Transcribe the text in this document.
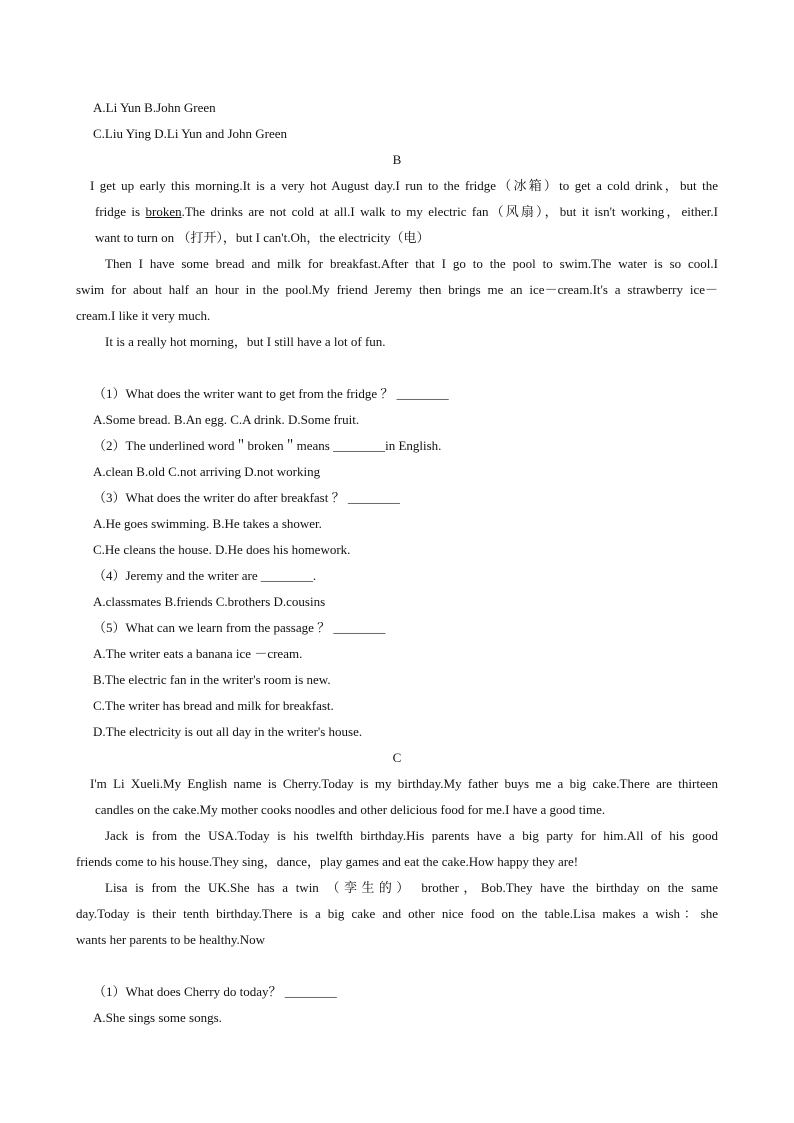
A.Li Yun B.John Green
C.Liu Ying D.Li Yun and John Green
B
I get up early this morning.It is a very hot August day.I run to the fridge（冰箱）to get a cold drink，but the
fridge is broken.The drinks are not cold at all.I walk to my electric fan（风扇），but it isn't working，either.I
want to turn on （打开），but I can't.Oh，the electricity（电）
Then I have some bread and milk for breakfast.After that I go to the pool to swim.The water is so cool.I
swim for about half an hour in the pool.My friend Jeremy then brings me an ice－cream.It's a strawberry ice－
cream.I like it very much.
It is a really hot morning，but I still have a lot of fun.
（1）What does the writer want to get from the fridge ？ ________
A.Some bread. B.An egg. C.A drink. D.Some fruit.
（2）The underlined word＂broken＂means ________in English.
A.clean B.old C.not arriving D.not working
（3）What does the writer do after breakfast ？ ________
A.He goes swimming. B.He takes a shower.
C.He cleans the house. D.He does his homework.
（4）Jeremy and the writer are ________.
A.classmates B.friends C.brothers D.cousins
（5）What can we learn from the passage ？ ________
A.The writer eats a banana ice －cream.
B.The electric fan in the writer's room is new.
C.The writer has bread and milk for breakfast.
D.The electricity is out all day in the writer's house.
C
I'm Li Xueli.My English name is Cherry.Today is my birthday.My father buys me a big cake.There are thirteen
candles on the cake.My mother cooks noodles and other delicious food for me.I have a good time.
Jack is from the USA.Today is his twelfth birthday.His parents have a big party for him.All of his good
friends come to his house.They sing，dance，play games and eat the cake.How happy they are!
Lisa is from the UK.She has a twin （孪生的） brother，Bob.They have the birthday on the same
day.Today is their tenth birthday.There is a big cake and other nice food on the table.Lisa makes a wish：she
wants her parents to be healthy.Now
（1）What does Cherry do today？ ________
A.She sings some songs.
